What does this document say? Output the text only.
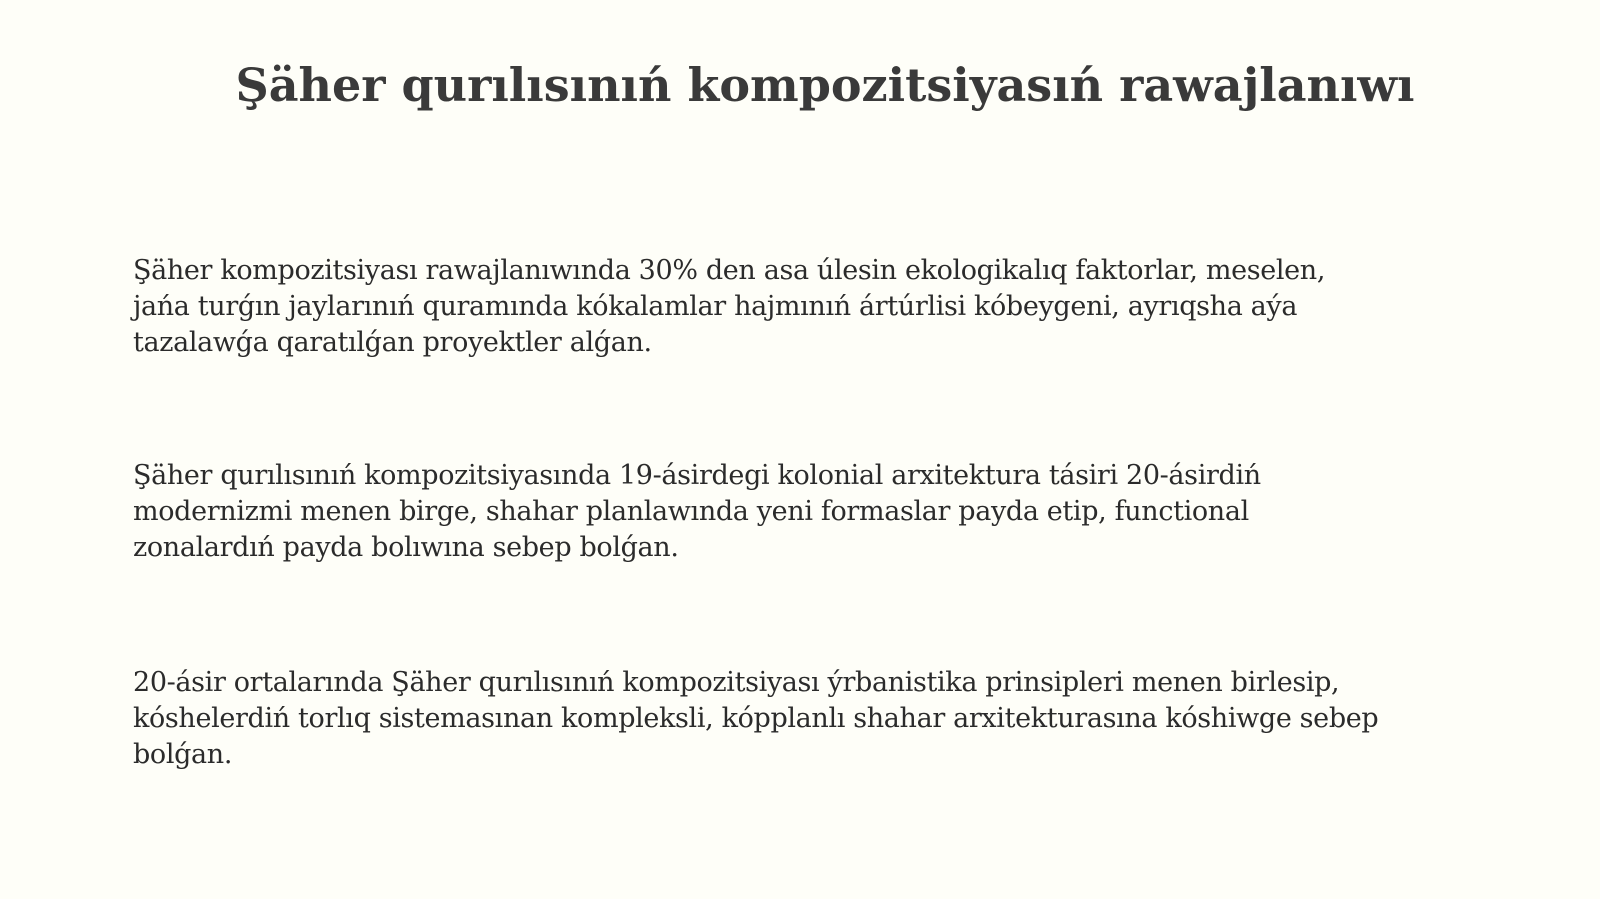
Şäher qurılısınıń kompozitsiyasıń rawajlanıwı

Şäher kompozitsiyası rawajlanıwında 30% den asa úlesin ekologikalıq faktorlar, meselen,
jańa turǵın jaylarınıń quramında kókalamlar hajmınıń ártúrlisi kóbeygeni, ayrıqsha aýa
tazalawǵa qaratılǵan proyektler alǵan.

Şäher qurılısınıń kompozitsiyasında 19-ásirdegi kolonial arxitektura tásiri 20-ásirdiń
modernizmi menen birge, shahar planlawında yeni formaslar payda etip, functional
zonalardıń payda bolıwına sebep bolǵan.

20-ásir ortalarında Şäher qurılısınıń kompozitsiyası ýrbanistika prinsipleri menen birlesip,
kóshelerdiń torlıq sistemasınan kompleksli, kópplanlı shahar arxitekturasına kóshiwge sebep
bolǵan.
